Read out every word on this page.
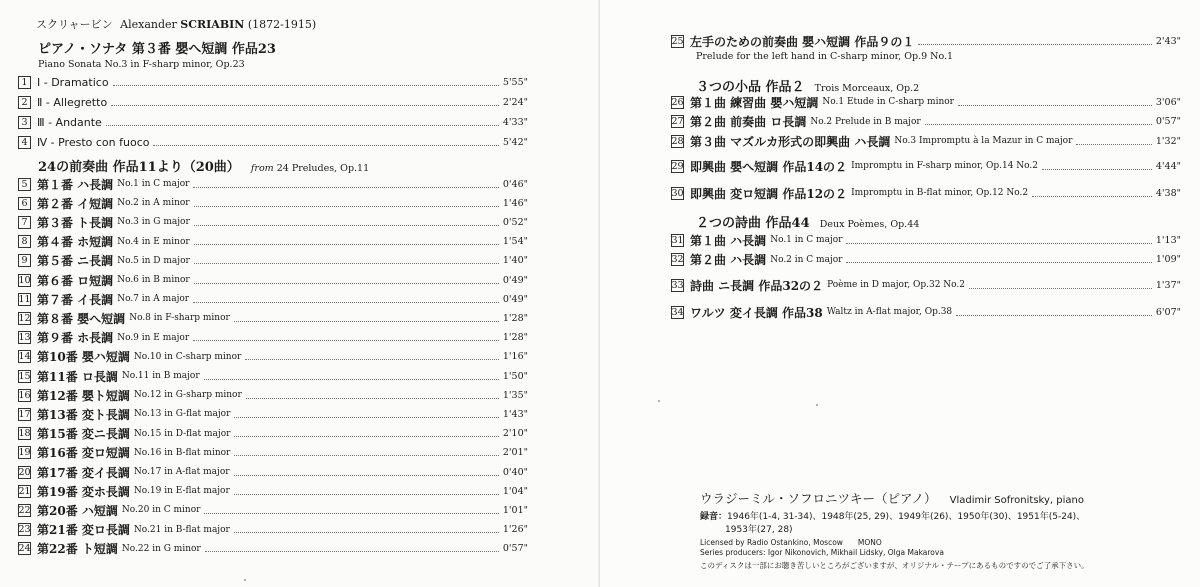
スクリャービン Alexander SCRIABIN (1872-1915)
ピアノ・ソナタ 第３番 嬰へ短調 作品23
Piano Sonata No.3 in F-sharp minor, Op.23
1 Ⅰ - Dramatico	5'55"
2 Ⅱ - Allegretto	2'24"
3 Ⅲ - Andante	4'33"
4 Ⅳ - Presto con fuoco	5'42"
24の前奏曲 作品11より（20曲） from 24 Preludes, Op.11
5 第１番 ハ長調 No.1 in C major	0'46"
6 第２番 イ短調 No.2 in A minor	1'46"
7 第３番 ト長調 No.3 in G major	0'52"
8 第４番 ホ短調 No.4 in E minor	1'54"
9 第５番 ニ長調 No.5 in D major	1'40"
10 第６番 ロ短調 No.6 in B minor	0'49"
11 第７番 イ長調 No.7 in A major	0'49"
12 第８番 嬰へ短調 No.8 in F-sharp minor	1'28"
13 第９番 ホ長調 No.9 in E major	1'28"
14 第10番 嬰ハ短調 No.10 in C-sharp minor	1'16"
15 第11番 ロ長調 No.11 in B major	1'50"
16 第12番 嬰ト短調 No.12 in G-sharp minor	1'35"
17 第13番 変ト長調 No.13 in G-flat major	1'43"
18 第15番 変ニ長調 No.15 in D-flat major	2'10"
19 第16番 変ロ短調 No.16 in B-flat minor	2'01"
20 第17番 変イ長調 No.17 in A-flat major	0'40"
21 第19番 変ホ長調 No.19 in E-flat major	1'04"
22 第20番 ハ短調 No.20 in C minor	1'01"
23 第21番 変ロ長調 No.21 in B-flat major	1'26"
24 第22番 ト短調 No.22 in G minor	0'57"
25 左手のための前奏曲 嬰ハ短調 作品９の１	2'43"
Prelude for the left hand in C-sharp minor, Op.9 No.1
26 第１曲 練習曲 嬰ハ短調 No.1 Etude in C-sharp minor	3'06"
27 第２曲 前奏曲 ロ長調 No.2 Prelude in B major	0'57"
28 第３曲 マズルカ形式の即興曲 ハ長調 No.3 Impromptu à la Mazur in C major	1'32"
29 即興曲 嬰へ短調 作品14の２ Impromptu in F-sharp minor, Op.14 No.2	4'44"
30 即興曲 変ロ短調 作品12の２ Impromptu in B-flat minor, Op.12 No.2	4'38"
31 第１曲 ハ長調 No.1 in C major	1'13"
32 第２曲 ハ長調 No.2 in C major	1'09"
33 詩曲 ニ長調 作品32の２ Poème in D major, Op.32 No.2	1'37"
34 ワルツ 変イ長調 作品38 Waltz in A-flat major, Op.38	6'07"
３つの小品 作品２ Trois Morceaux, Op.2
２つの詩曲 作品44 Deux Poèmes, Op.44
ウラジーミル・ソフロニツキー（ピアノ） Vladimir Sofronitsky, piano
録音：1946年(1-4, 31-34)、1948年(25, 29)、1949年(26)、1950年(30)、1951年(5-24)、
1953年(27, 28)
Licensed by Radio Ostankino, Moscow　　MONO
Series producers: Igor Nikonovich, Mikhail Lidsky, Olga Makarova
このディスクは一部にお聴き苦しいところがございますが、オリジナル・テープにあるものですのでご了承下さい。
